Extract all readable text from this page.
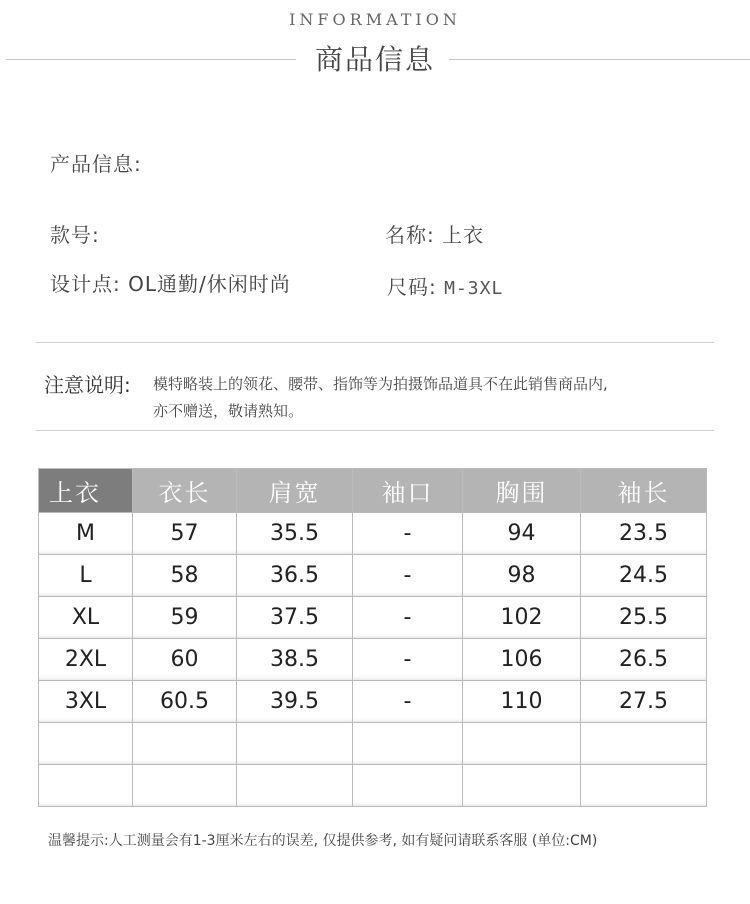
INFORMATION
商品信息
产品信息:
款号:	名称: 上衣
设计点: OL通勤/休闲时尚	尺码: M-3XL
注意说明: 模特略装上的领花、腰带、指饰等为拍摄饰品道具不在此销售商品内,
亦不赠送，敬请熟知。
上衣	衣长	肩宽	袖口	胸围	袖长
M	57	35.5	-	94	23.5
L	58	36.5	-	98	24.5
XL	59	37.5	-	102	25.5
2XL	60	38.5	-	106	26.5
3XL	60.5	39.5	-	110	27.5

温馨提示:人工测量会有1-3厘米左右的误差, 仅提供参考, 如有疑问请联系客服 (单位:CM)
